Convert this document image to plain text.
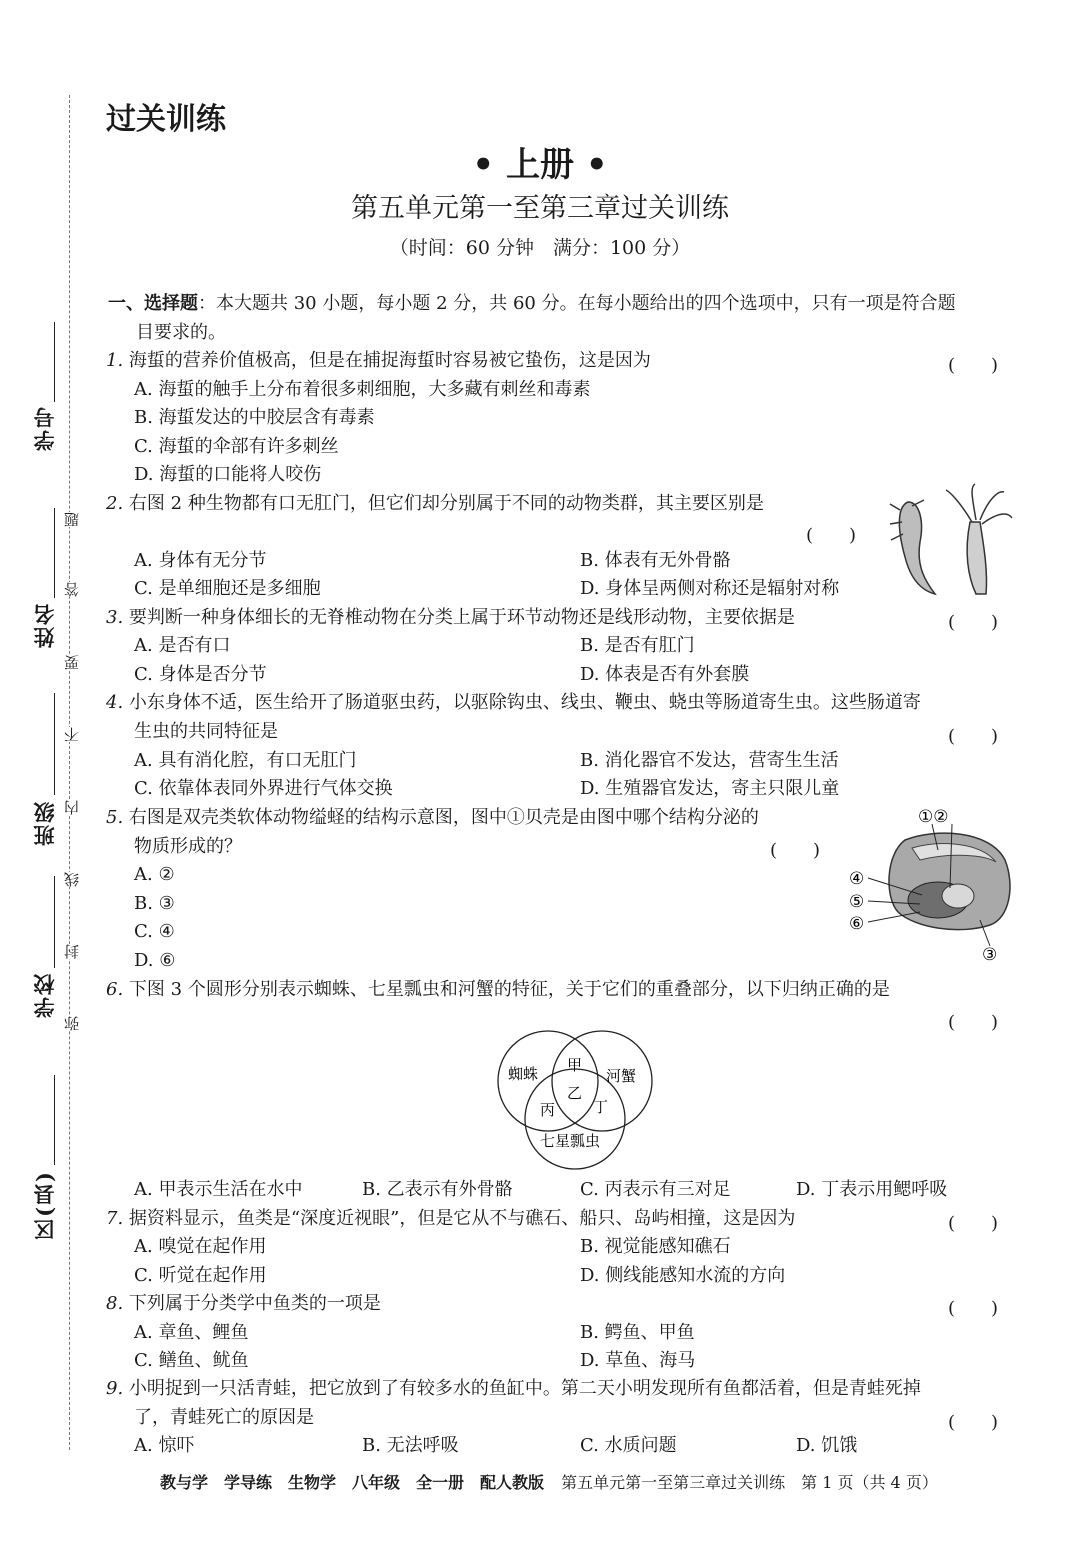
学号
姓名
班级
学校
区(县)
题
答
要
不
内
线
封
弥
过关训练
• 上册 •
第五单元第一至第三章过关训练
（时间：60 分钟　满分：100 分）
一、选择题：本大题共 30 小题，每小题 2 分，共 60 分。在每小题给出的四个选项中，只有一项是符合题
目要求的。
1. 海蜇的营养价值极高，但是在捕捉海蜇时容易被它蛰伤，这是因为	(　　)
A. 海蜇的触手上分布着很多刺细胞，大多藏有刺丝和毒素
B. 海蜇发达的中胶层含有毒素
C. 海蜇的伞部有许多刺丝
D. 海蜇的口能将人咬伤
2. 右图 2 种生物都有口无肛门，但它们却分别属于不同的动物类群，其主要区别是
(　　)
A. 身体有无分节	B. 体表有无外骨骼
C. 是单细胞还是多细胞	D. 身体呈两侧对称还是辐射对称
3. 要判断一种身体细长的无脊椎动物在分类上属于环节动物还是线形动物，主要依据是	(　　)
A. 是否有口	B. 是否有肛门
C. 身体是否分节	D. 体表是否有外套膜
4. 小东身体不适，医生给开了肠道驱虫药，以驱除钩虫、线虫、鞭虫、蛲虫等肠道寄生虫。这些肠道寄
生虫的共同特征是	(　　)
A. 具有消化腔，有口无肛门	B. 消化器官不发达，营寄生生活
C. 依靠体表同外界进行气体交换	D. 生殖器官发达，寄主只限儿童
5. 右图是双壳类软体动物缢蛏的结构示意图，图中①贝壳是由图中哪个结构分泌的
物质形成的？	(　　)
A. ②
B. ③
C. ④
D. ⑥
①②
④
⑤
⑥
③
6. 下图 3 个圆形分别表示蜘蛛、七星瓢虫和河蟹的特征，关于它们的重叠部分，以下归纳正确的是
(　　)
蜘蛛	河蟹
七星瓢虫
甲
乙
丙	丁
A. 甲表示生活在水中	B. 乙表示有外骨骼	C. 丙表示有三对足	D. 丁表示用鳃呼吸
7. 据资料显示，鱼类是“深度近视眼”，但是它从不与礁石、船只、岛屿相撞，这是因为	(　　)
A. 嗅觉在起作用	B. 视觉能感知礁石
C. 听觉在起作用	D. 侧线能感知水流的方向
8. 下列属于分类学中鱼类的一项是	(　　)
A. 章鱼、鲤鱼	B. 鳄鱼、甲鱼
C. 鳝鱼、鱿鱼	D. 草鱼、海马
9. 小明捉到一只活青蛙，把它放到了有较多水的鱼缸中。第二天小明发现所有鱼都活着，但是青蛙死掉
了，青蛙死亡的原因是	(　　)
A. 惊吓	B. 无法呼吸	C. 水质问题	D. 饥饿
教与学　学导练　生物学　八年级　全一册　配人教版 第五单元第一至第三章过关训练　第 1 页（共 4 页）
